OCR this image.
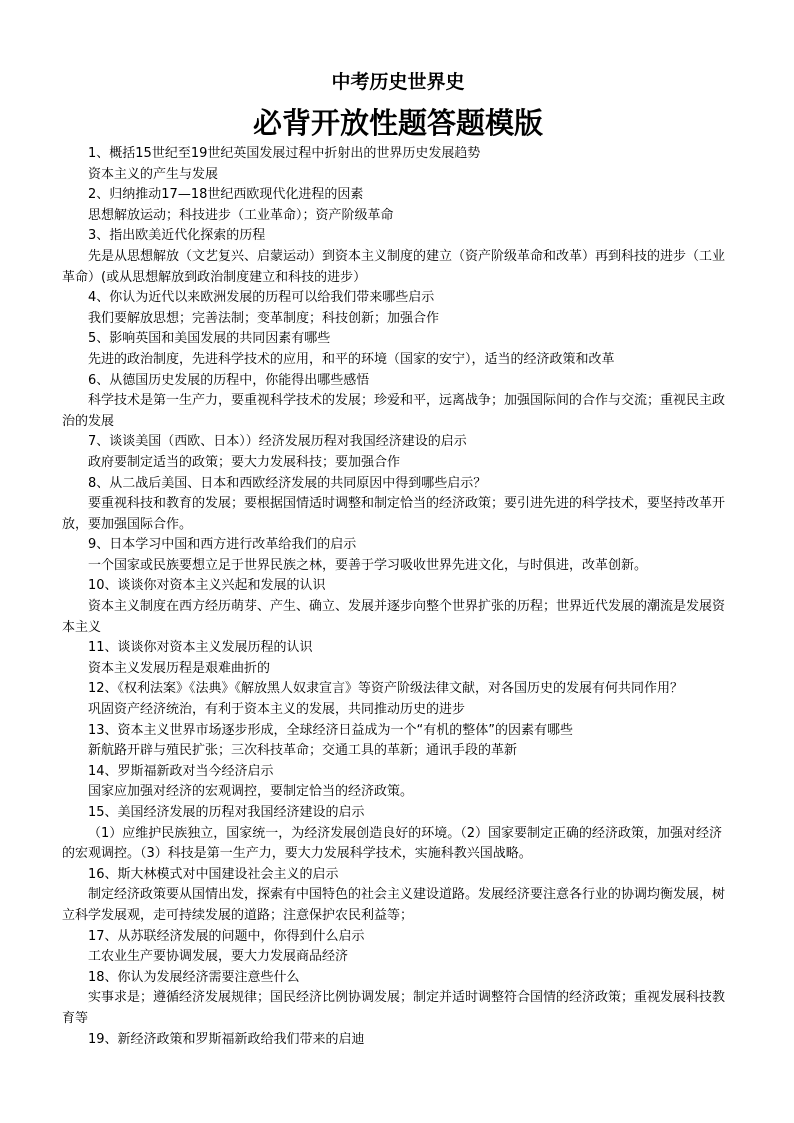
中考历史世界史
必背开放性题答题模版

1、概括15世纪至19世纪英国发展过程中折射出的世界历史发展趋势

资本主义的产生与发展

2、归纳推动17—18世纪西欧现代化进程的因素

思想解放运动；科技进步（工业革命）；资产阶级革命

3、指出欧美近代化探索的历程

先是从思想解放（文艺复兴、启蒙运动）到资本主义制度的建立（资产阶级革命和改革）再到科技的进步（工业革命）(或从思想解放到政治制度建立和科技的进步）

4、你认为近代以来欧洲发展的历程可以给我们带来哪些启示

我们要解放思想；完善法制；变革制度；科技创新；加强合作

5、影响英国和美国发展的共同因素有哪些

先进的政治制度，先进科学技术的应用，和平的环境（国家的安宁），适当的经济政策和改革

6、从德国历史发展的历程中，你能得出哪些感悟

科学技术是第一生产力，要重视科学技术的发展；珍爱和平，远离战争；加强国际间的合作与交流；重视民主政治的发展

7、谈谈美国（西欧、日本））经济发展历程对我国经济建设的启示

政府要制定适当的政策；要大力发展科技；要加强合作

8、从二战后美国、日本和西欧经济发展的共同原因中得到哪些启示？

要重视科技和教育的发展；要根据国情适时调整和制定恰当的经济政策；要引进先进的科学技术，要坚持改革开放，要加强国际合作。

9、日本学习中国和西方进行改革给我们的启示

一个国家或民族要想立足于世界民族之林，要善于学习吸收世界先进文化，与时俱进，改革创新。

10、谈谈你对资本主义兴起和发展的认识

资本主义制度在西方经历萌芽、产生、确立、发展并逐步向整个世界扩张的历程；世界近代发展的潮流是发展资本主义

11、谈谈你对资本主义发展历程的认识

资本主义发展历程是艰难曲折的

12、《权利法案》《法典》《解放黑人奴隶宣言》等资产阶级法律文献，对各国历史的发展有何共同作用？

巩固资产经济统治，有利于资本主义的发展，共同推动历史的进步

13、资本主义世界市场逐步形成，全球经济日益成为一个“有机的整体”的因素有哪些

新航路开辟与殖民扩张；三次科技革命；交通工具的革新；通讯手段的革新

14、罗斯福新政对当今经济启示

国家应加强对经济的宏观调控，要制定恰当的经济政策。

15、美国经济发展的历程对我国经济建设的启示

（1）应维护民族独立，国家统一，为经济发展创造良好的环境。（2）国家要制定正确的经济政策，加强对经济的宏观调控。（3）科技是第一生产力，要大力发展科学技术，实施科教兴国战略。

16、斯大林模式对中国建设社会主义的启示

制定经济政策要从国情出发，探索有中国特色的社会主义建设道路。发展经济要注意各行业的协调均衡发展，树立科学发展观，走可持续发展的道路；注意保护农民利益等；

17、从苏联经济发展的问题中，你得到什么启示

工农业生产要协调发展，要大力发展商品经济

18、你认为发展经济需要注意些什么

实事求是；遵循经济发展规律；国民经济比例协调发展；制定并适时调整符合国情的经济政策；重视发展科技教育等

19、新经济政策和罗斯福新政给我们带来的启迪
